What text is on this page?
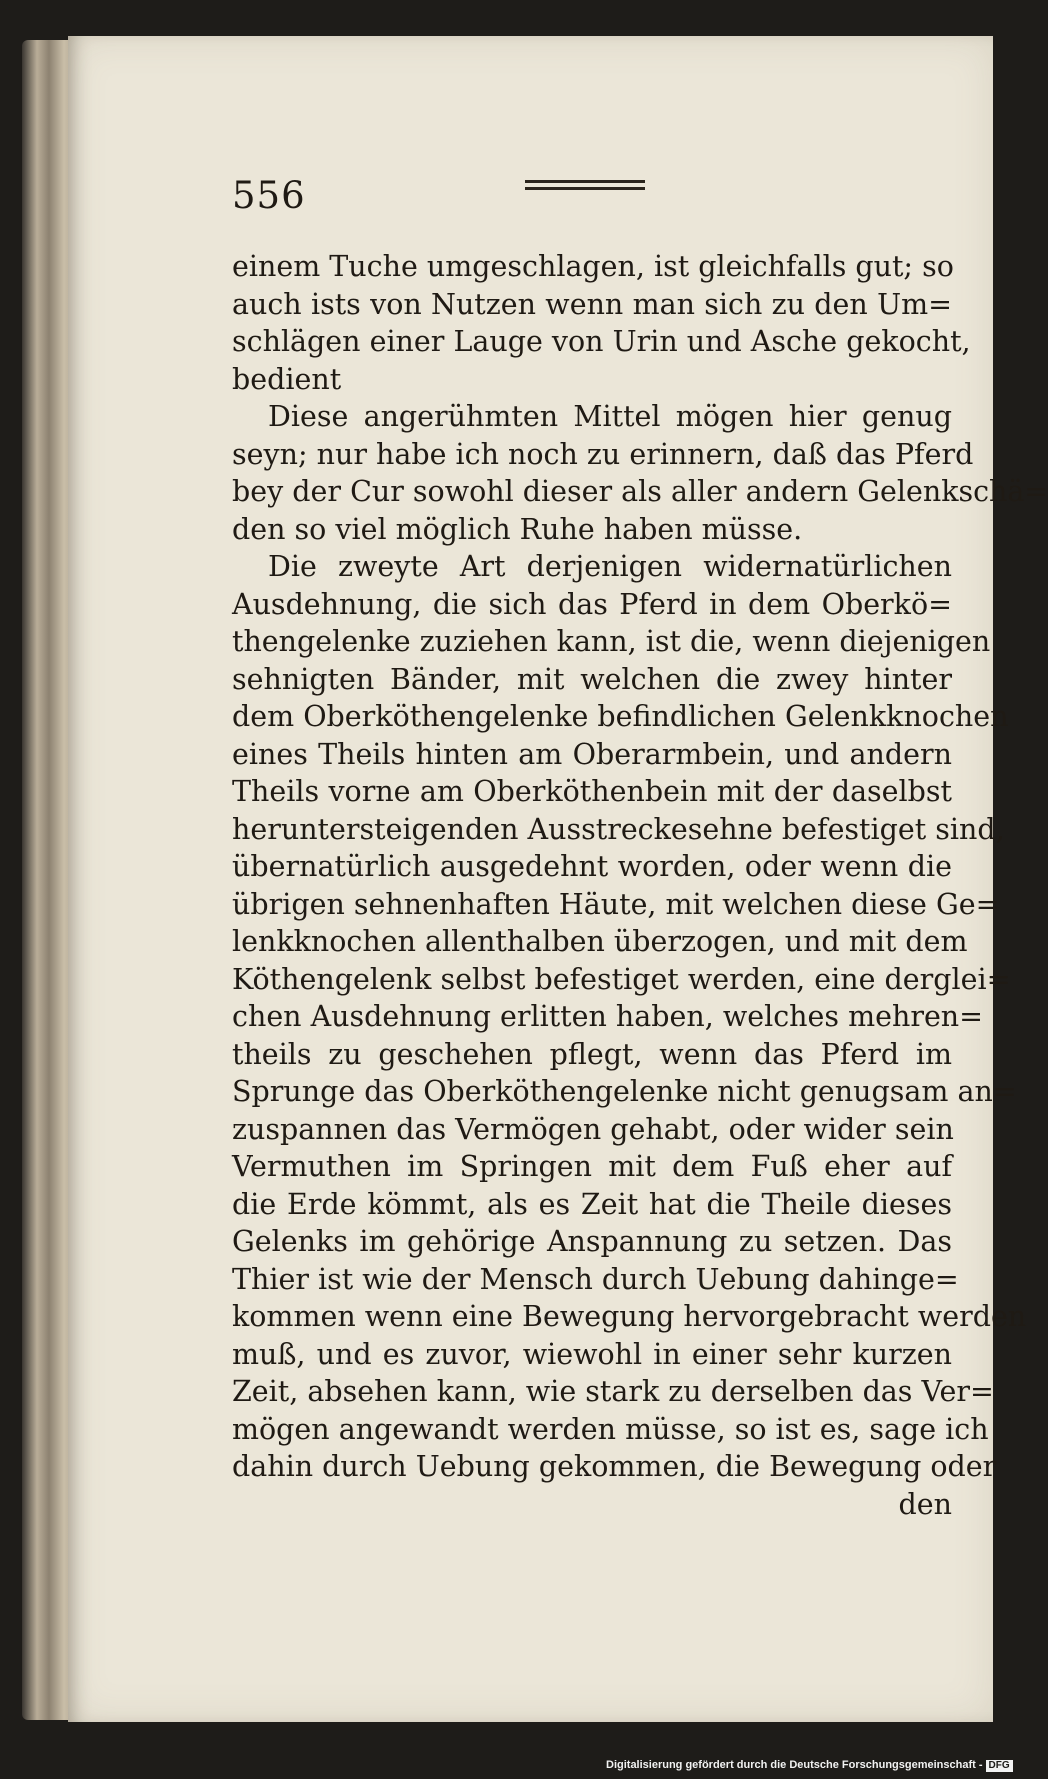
556
einem Tuche umgeschlagen, ist gleichfalls gut; so
auch ists von Nutzen wenn man sich zu den Um=
schlägen einer Lauge von Urin und Asche gekocht,
bedient
Diese angerühmten Mittel mögen hier genug
seyn; nur habe ich noch zu erinnern, daß das Pferd
bey der Cur sowohl dieser als aller andern Gelenkschä=
den so viel möglich Ruhe haben müsse.
Die zweyte Art derjenigen widernatürlichen
Ausdehnung, die sich das Pferd in dem Oberkö=
thengelenke zuziehen kann, ist die, wenn diejenigen
sehnigten Bänder, mit welchen die zwey hinter
dem Oberköthengelenke befindlichen Gelenkknochen
eines Theils hinten am Oberarmbein, und andern
Theils vorne am Oberköthenbein mit der daselbst
heruntersteigenden Ausstreckesehne befestiget sind,
übernatürlich ausgedehnt worden, oder wenn die
übrigen sehnenhaften Häute, mit welchen diese Ge=
lenkknochen allenthalben überzogen, und mit dem
Köthengelenk selbst befestiget werden, eine derglei=
chen Ausdehnung erlitten haben, welches mehren=
theils zu geschehen pflegt, wenn das Pferd im
Sprunge das Oberköthengelenke nicht genugsam an=
zuspannen das Vermögen gehabt, oder wider sein
Vermuthen im Springen mit dem Fuß eher auf
die Erde kömmt, als es Zeit hat die Theile dieses
Gelenks im gehörige Anspannung zu setzen. Das
Thier ist wie der Mensch durch Uebung dahinge=
kommen wenn eine Bewegung hervorgebracht werden
muß, und es zuvor, wiewohl in einer sehr kurzen
Zeit, absehen kann, wie stark zu derselben das Ver=
mögen angewandt werden müsse, so ist es, sage ich
dahin durch Uebung gekommen, die Bewegung oder
den
Digitalisierung gefördert durch die Deutsche Forschungsgemeinschaft - DFG
